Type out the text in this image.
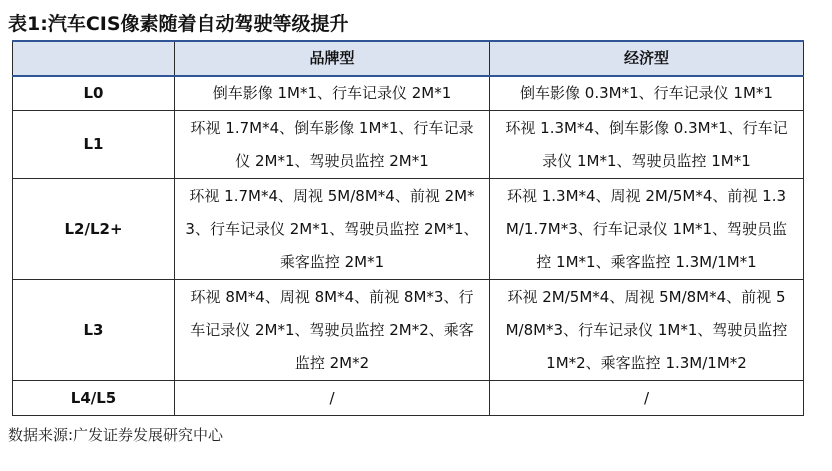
表1:汽车CIS像素随着自动驾驶等级提升
	品牌型	经济型
L0	倒车影像 1M*1、行车记录仪 2M*1	倒车影像 0.3M*1、行车记录仪 1M*1
L1	环视 1.7M*4、倒车影像 1M*1、行车记录仪 2M*1、驾驶员监控 2M*1	环视 1.3M*4、倒车影像 0.3M*1、行车记录仪 1M*1、驾驶员监控 1M*1
L2/L2+	环视 1.7M*4、周视 5M/8M*4、前视 2M*3、行车记录仪 2M*1、驾驶员监控 2M*1、乘客监控 2M*1	环视 1.3M*4、周视 2M/5M*4、前视 1.3M/1.7M*3、行车记录仪 1M*1、驾驶员监控 1M*1、乘客监控 1.3M/1M*1
L3	环视 8M*4、周视 8M*4、前视 8M*3、行车记录仪 2M*1、驾驶员监控 2M*2、乘客监控 2M*2	环视 2M/5M*4、周视 5M/8M*4、前视 5M/8M*3、行车记录仪 1M*1、驾驶员监控 1M*2、乘客监控 1.3M/1M*2
L4/L5	/	/
数据来源:广发证券发展研究中心
